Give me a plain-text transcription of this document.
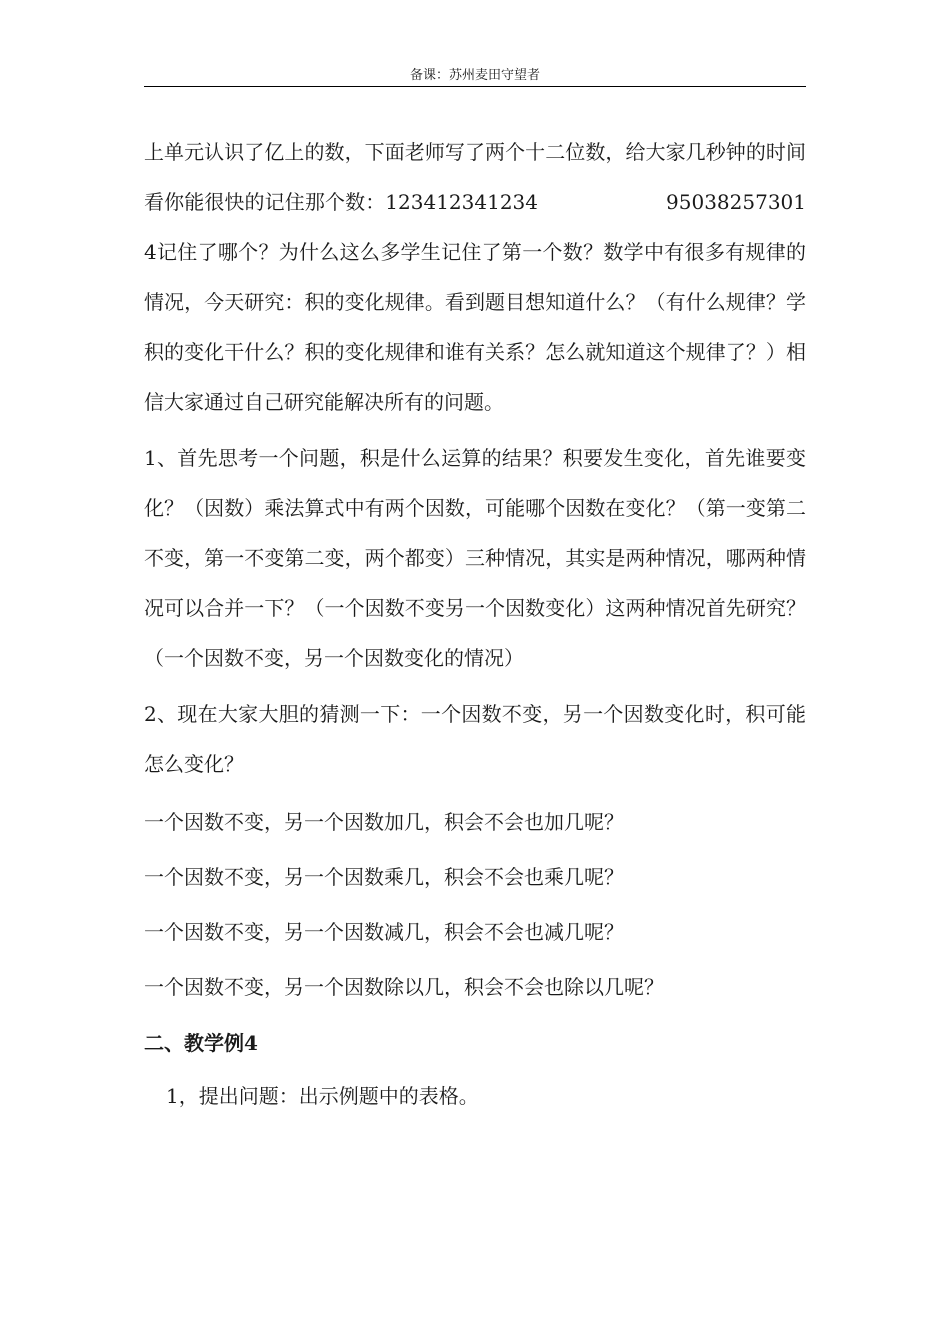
备课：苏州麦田守望者

上单元认识了亿上的数，下面老师写了两个十二位数，给大家几秒钟的时间看你能很快的记住那个数：123412341234	950382573014记住了哪个？为什么这么多学生记住了第一个数？数学中有很多有规律的情况，今天研究：积的变化规律。看到题目想知道什么？（有什么规律？学积的变化干什么？积的变化规律和谁有关系？怎么就知道这个规律了？）相信大家通过自己研究能解决所有的问题。

1、首先思考一个问题，积是什么运算的结果？积要发生变化，首先谁要变化？（因数）乘法算式中有两个因数，可能哪个因数在变化？（第一变第二不变，第一不变第二变，两个都变）三种情况，其实是两种情况，哪两种情况可以合并一下？（一个因数不变另一个因数变化）这两种情况首先研究？（一个因数不变，另一个因数变化的情况）

2、现在大家大胆的猜测一下：一个因数不变，另一个因数变化时，积可能怎么变化？

一个因数不变，另一个因数加几，积会不会也加几呢？

一个因数不变，另一个因数乘几，积会不会也乘几呢？

一个因数不变，另一个因数减几，积会不会也减几呢？

一个因数不变，另一个因数除以几，积会不会也除以几呢？

二、教学例4

1，提出问题：出示例题中的表格。
